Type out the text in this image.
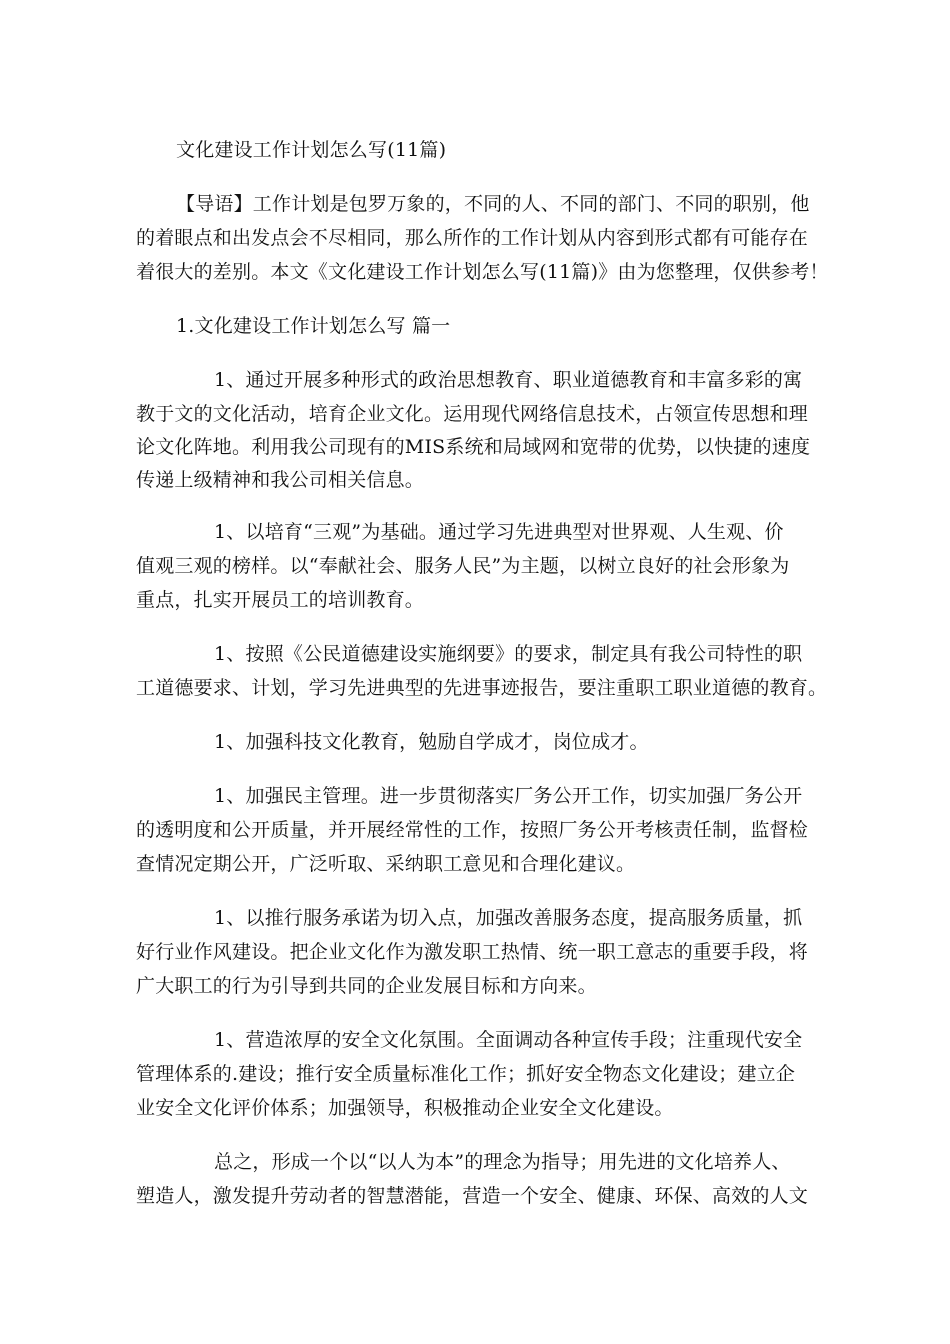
文化建设工作计划怎么写(11篇)
【导语】工作计划是包罗万象的，不同的人、不同的部门、不同的职别，他
的着眼点和出发点会不尽相同，那么所作的工作计划从内容到形式都有可能存在
着很大的差别。本文《文化建设工作计划怎么写(11篇)》由为您整理，仅供参考！
1.文化建设工作计划怎么写 篇一
1、通过开展多种形式的政治思想教育、职业道德教育和丰富多彩的寓
教于文的文化活动，培育企业文化。运用现代网络信息技术，占领宣传思想和理
论文化阵地。利用我公司现有的MIS系统和局域网和宽带的优势，以快捷的速度
传递上级精神和我公司相关信息。
1、以培育“三观”为基础。通过学习先进典型对世界观、人生观、价
值观三观的榜样。以“奉献社会、服务人民”为主题，以树立良好的社会形象为
重点，扎实开展员工的培训教育。
1、按照《公民道德建设实施纲要》的要求，制定具有我公司特性的职
工道德要求、计划，学习先进典型的先进事迹报告，要注重职工职业道德的教育。
1、加强科技文化教育，勉励自学成才，岗位成才。
1、加强民主管理。进一步贯彻落实厂务公开工作，切实加强厂务公开
的透明度和公开质量，并开展经常性的工作，按照厂务公开考核责任制，监督检
查情况定期公开，广泛听取、采纳职工意见和合理化建议。
1、以推行服务承诺为切入点，加强改善服务态度，提高服务质量，抓
好行业作风建设。把企业文化作为激发职工热情、统一职工意志的重要手段，将
广大职工的行为引导到共同的企业发展目标和方向来。
1、营造浓厚的安全文化氛围。全面调动各种宣传手段；注重现代安全
管理体系的.建设；推行安全质量标准化工作；抓好安全物态文化建设；建立企
业安全文化评价体系；加强领导，积极推动企业安全文化建设。
总之，形成一个以“以人为本”的理念为指导；用先进的文化培养人、
塑造人，激发提升劳动者的智慧潜能，营造一个安全、健康、环保、高效的人文
